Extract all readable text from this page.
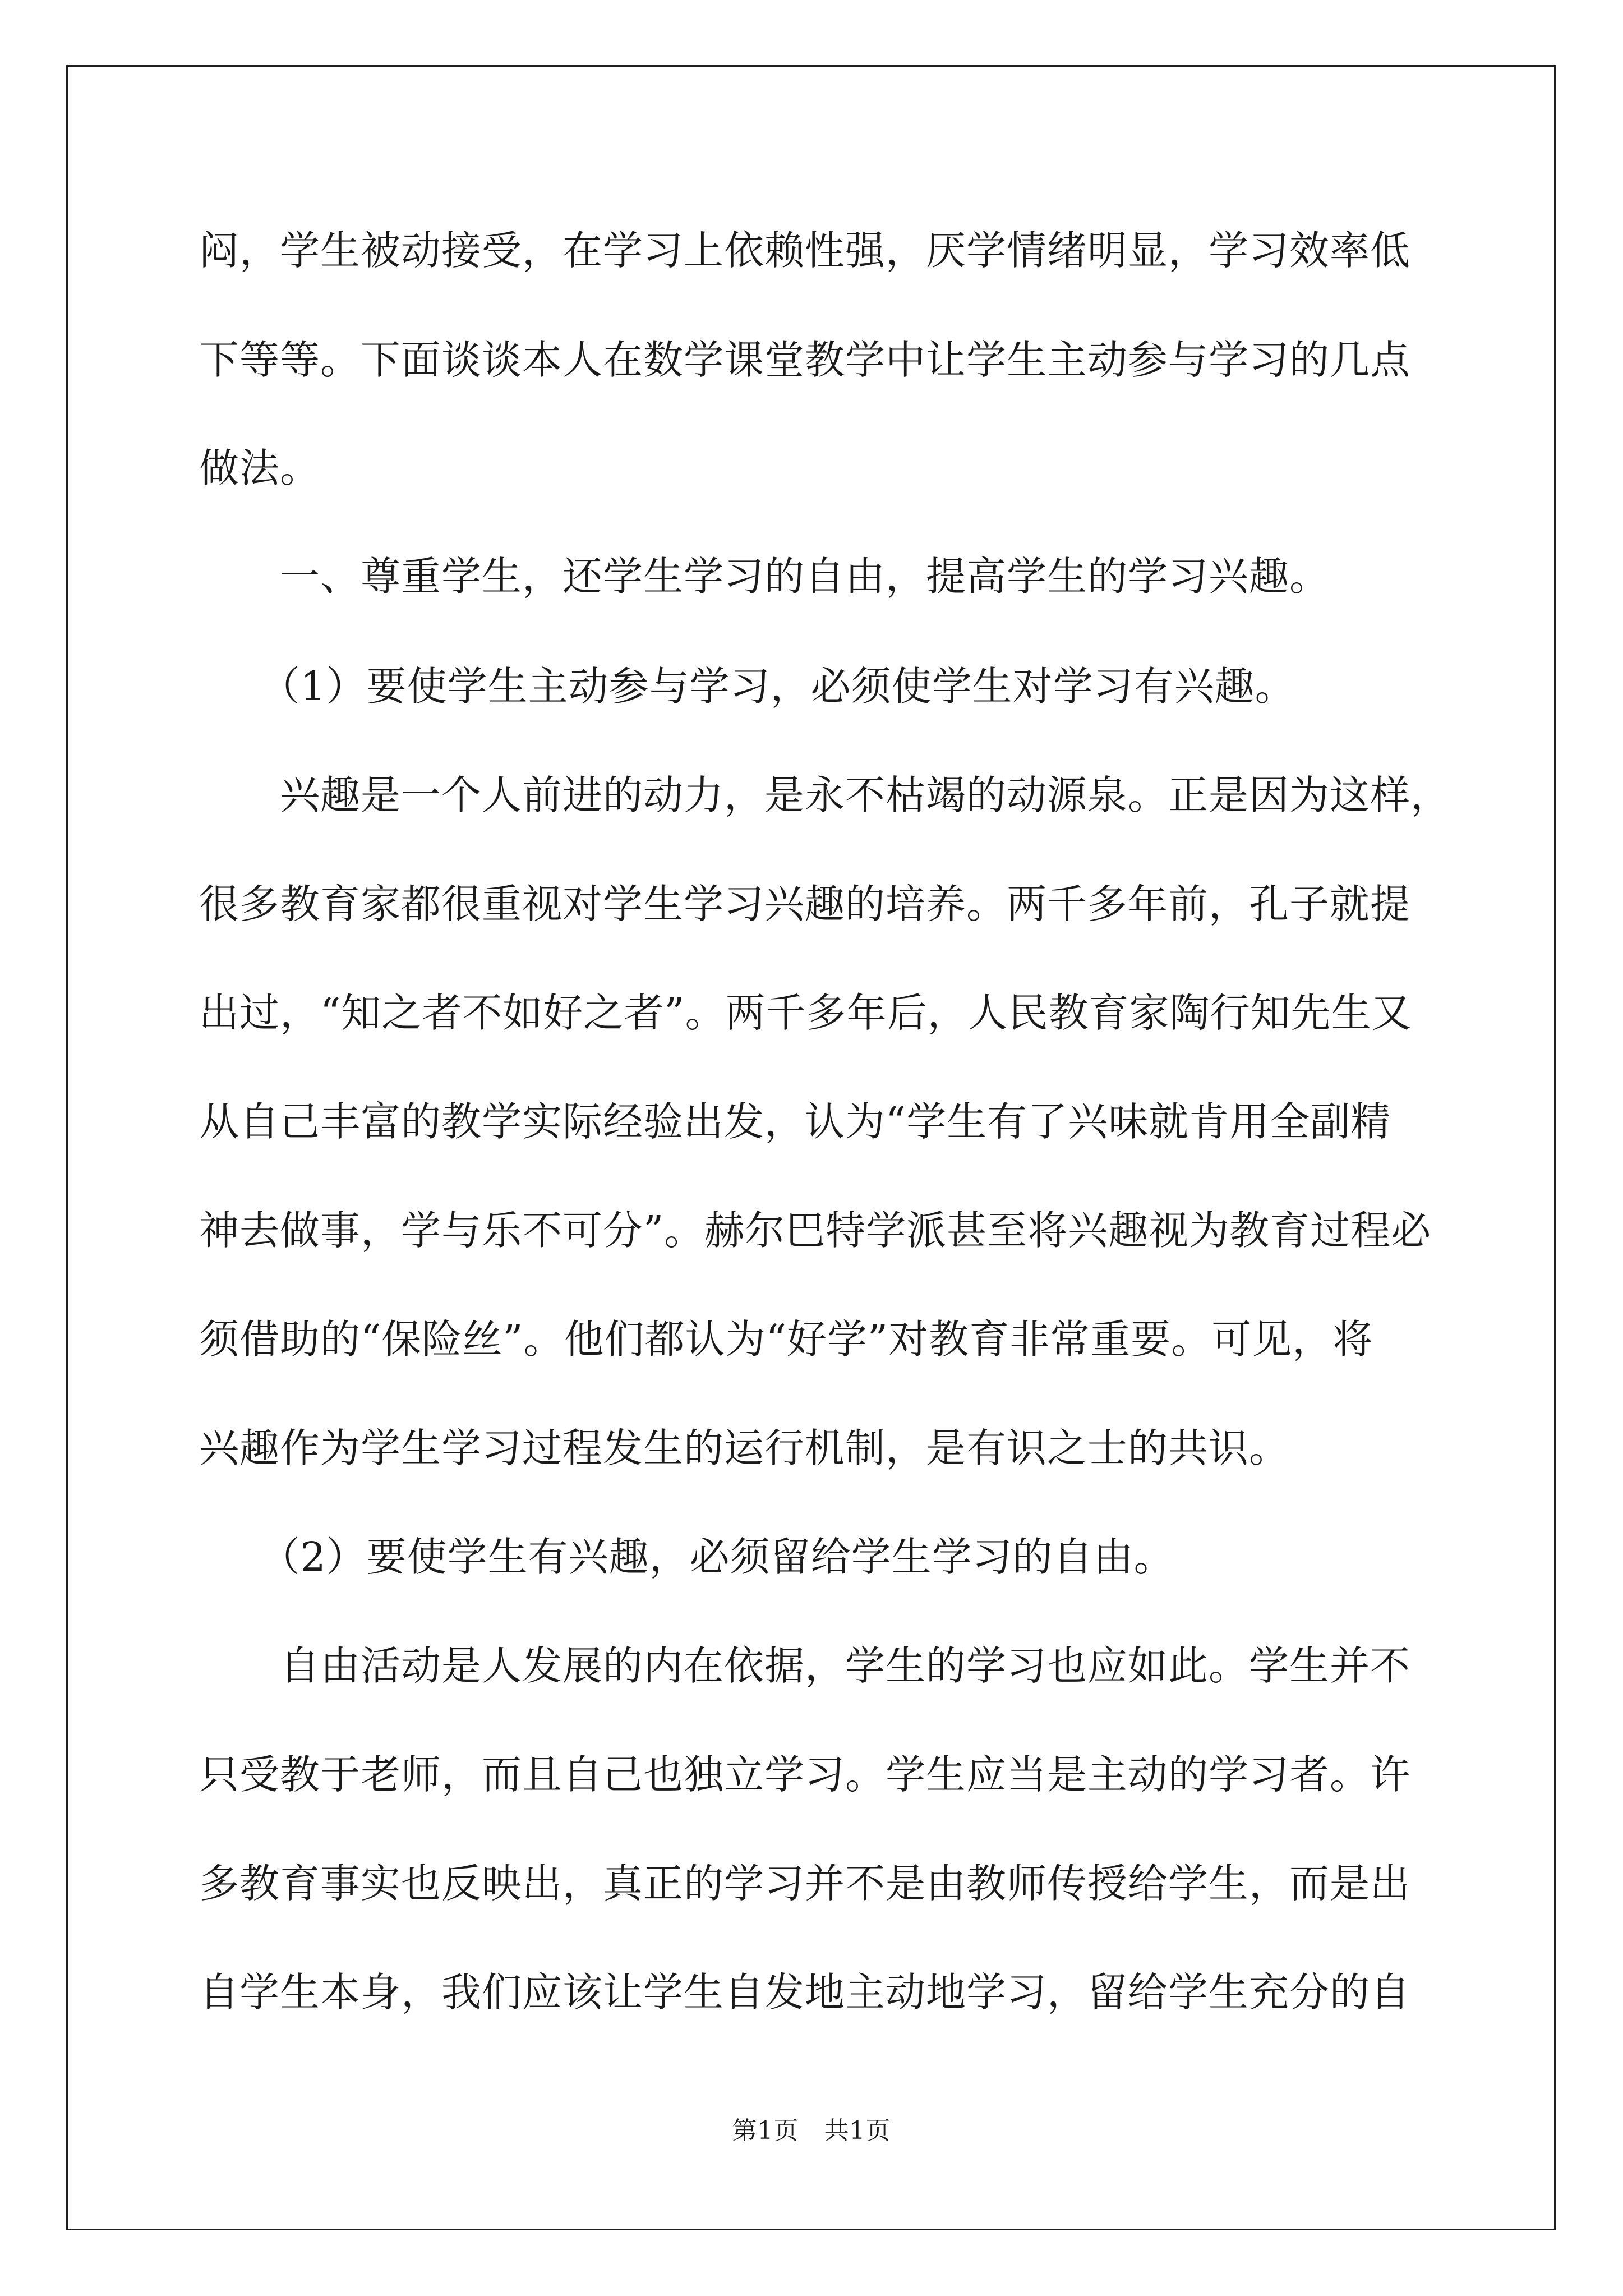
闷，学生被动接受，在学习上依赖性强，厌学情绪明显，学习效率低
下等等。下面谈谈本人在数学课堂教学中让学生主动参与学习的几点
做法。
　　一、尊重学生，还学生学习的自由，提高学生的学习兴趣。
　　（1）要使学生主动参与学习，必须使学生对学习有兴趣。
　　兴趣是一个人前进的动力，是永不枯竭的动源泉。正是因为这样，
很多教育家都很重视对学生学习兴趣的培养。两千多年前，孔子就提
出过，“知之者不如好之者”。两千多年后，人民教育家陶行知先生又
从自己丰富的教学实际经验出发，认为“学生有了兴味就肯用全副精
神去做事，学与乐不可分”。赫尔巴特学派甚至将兴趣视为教育过程必
须借助的“保险丝”。他们都认为“好学”对教育非常重要。可见，将
兴趣作为学生学习过程发生的运行机制，是有识之士的共识。
　　（2）要使学生有兴趣，必须留给学生学习的自由。
　　自由活动是人发展的内在依据，学生的学习也应如此。学生并不
只受教于老师，而且自己也独立学习。学生应当是主动的学习者。许
多教育事实也反映出，真正的学习并不是由教师传授给学生，而是出
自学生本身，我们应该让学生自发地主动地学习，留给学生充分的自
第1页　共1页
